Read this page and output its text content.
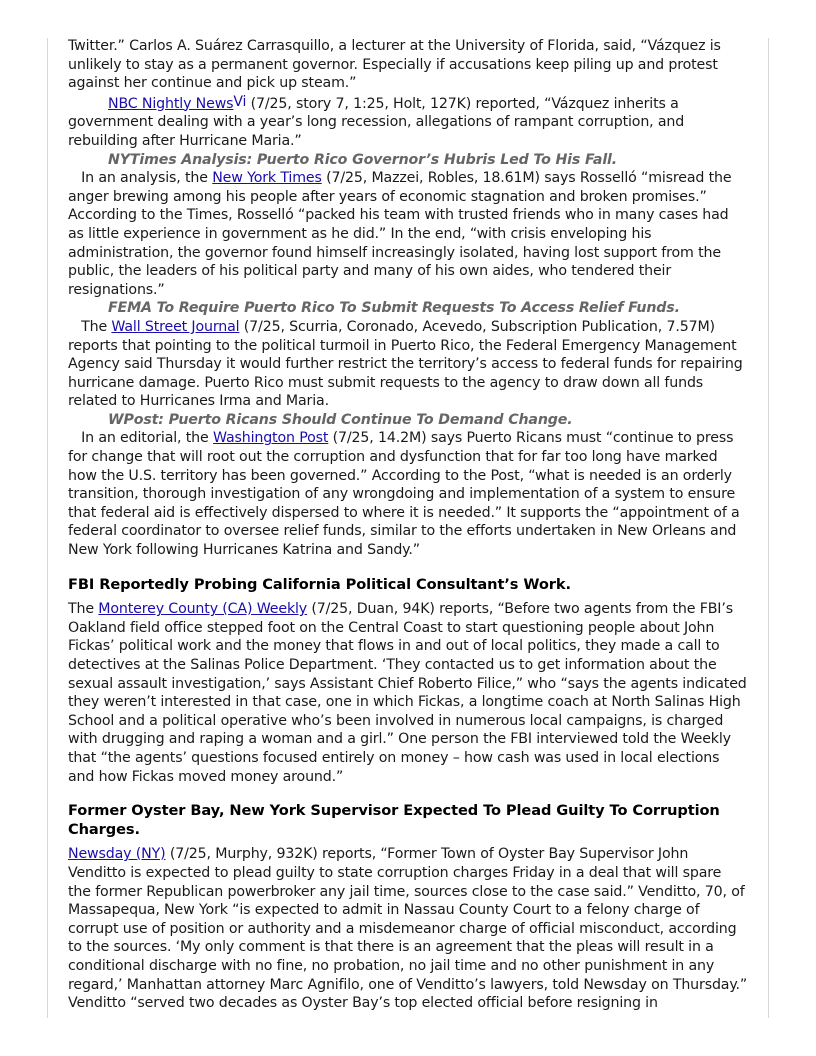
Twitter.” Carlos A. Suárez Carrasquillo, a lecturer at the University of Florida, said, “Vázquez is unlikely to stay as a permanent governor. Especially if accusations keep piling up and protest against her continue and pick up steam.”

NBC Nightly NewsVi (7/25, story 7, 1:25, Holt, 127K) reported, “Vázquez inherits a government dealing with a year’s long recession, allegations of rampant corruption, and rebuilding after Hurricane Maria.”

NYTimes Analysis: Puerto Rico Governor’s Hubris Led To His Fall.   In an analysis, the New York Times (7/25, Mazzei, Robles, 18.61M) says Rosselló “misread the anger brewing among his people after years of economic stagnation and broken promises.” According to the Times, Rosselló “packed his team with trusted friends who in many cases had as little experience in government as he did.” In the end, “with crisis enveloping his administration, the governor found himself increasingly isolated, having lost support from the public, the leaders of his political party and many of his own aides, who tendered their resignations.”

FEMA To Require Puerto Rico To Submit Requests To Access Relief Funds.   The Wall Street Journal (7/25, Scurria, Coronado, Acevedo, Subscription Publication, 7.57M) reports that pointing to the political turmoil in Puerto Rico, the Federal Emergency Management Agency said Thursday it would further restrict the territory’s access to federal funds for repairing hurricane damage. Puerto Rico must submit requests to the agency to draw down all funds related to Hurricanes Irma and Maria.

WPost: Puerto Ricans Should Continue To Demand Change.   In an editorial, the Washington Post (7/25, 14.2M) says Puerto Ricans must “continue to press for change that will root out the corruption and dysfunction that for far too long have marked how the U.S. territory has been governed.” According to the Post, “what is needed is an orderly transition, thorough investigation of any wrongdoing and implementation of a system to ensure that federal aid is effectively dispersed to where it is needed.” It supports the “appointment of a federal coordinator to oversee relief funds, similar to the efforts undertaken in New Orleans and New York following Hurricanes Katrina and Sandy.”

FBI Reportedly Probing California Political Consultant’s Work.

The Monterey County (CA) Weekly (7/25, Duan, 94K) reports, “Before two agents from the FBI’s Oakland field office stepped foot on the Central Coast to start questioning people about John Fickas’ political work and the money that flows in and out of local politics, they made a call to detectives at the Salinas Police Department. ‘They contacted us to get information about the sexual assault investigation,’ says Assistant Chief Roberto Filice,” who “says the agents indicated they weren’t interested in that case, one in which Fickas, a longtime coach at North Salinas High School and a political operative who’s been involved in numerous local campaigns, is charged with drugging and raping a woman and a girl.” One person the FBI interviewed told the Weekly that “the agents’ questions focused entirely on money – how cash was used in local elections and how Fickas moved money around.”

Former Oyster Bay, New York Supervisor Expected To Plead Guilty To Corruption Charges.

Newsday (NY) (7/25, Murphy, 932K) reports, “Former Town of Oyster Bay Supervisor John Venditto is expected to plead guilty to state corruption charges Friday in a deal that will spare the former Republican powerbroker any jail time, sources close to the case said.” Venditto, 70, of Massapequa, New York “is expected to admit in Nassau County Court to a felony charge of corrupt use of position or authority and a misdemeanor charge of official misconduct, according to the sources. ‘My only comment is that there is an agreement that the pleas will result in a conditional discharge with no fine, no probation, no jail time and no other punishment in any regard,’ Manhattan attorney Marc Agnifilo, one of Venditto’s lawyers, told Newsday on Thursday.” Venditto “served two decades as Oyster Bay’s top elected official before resigning in
